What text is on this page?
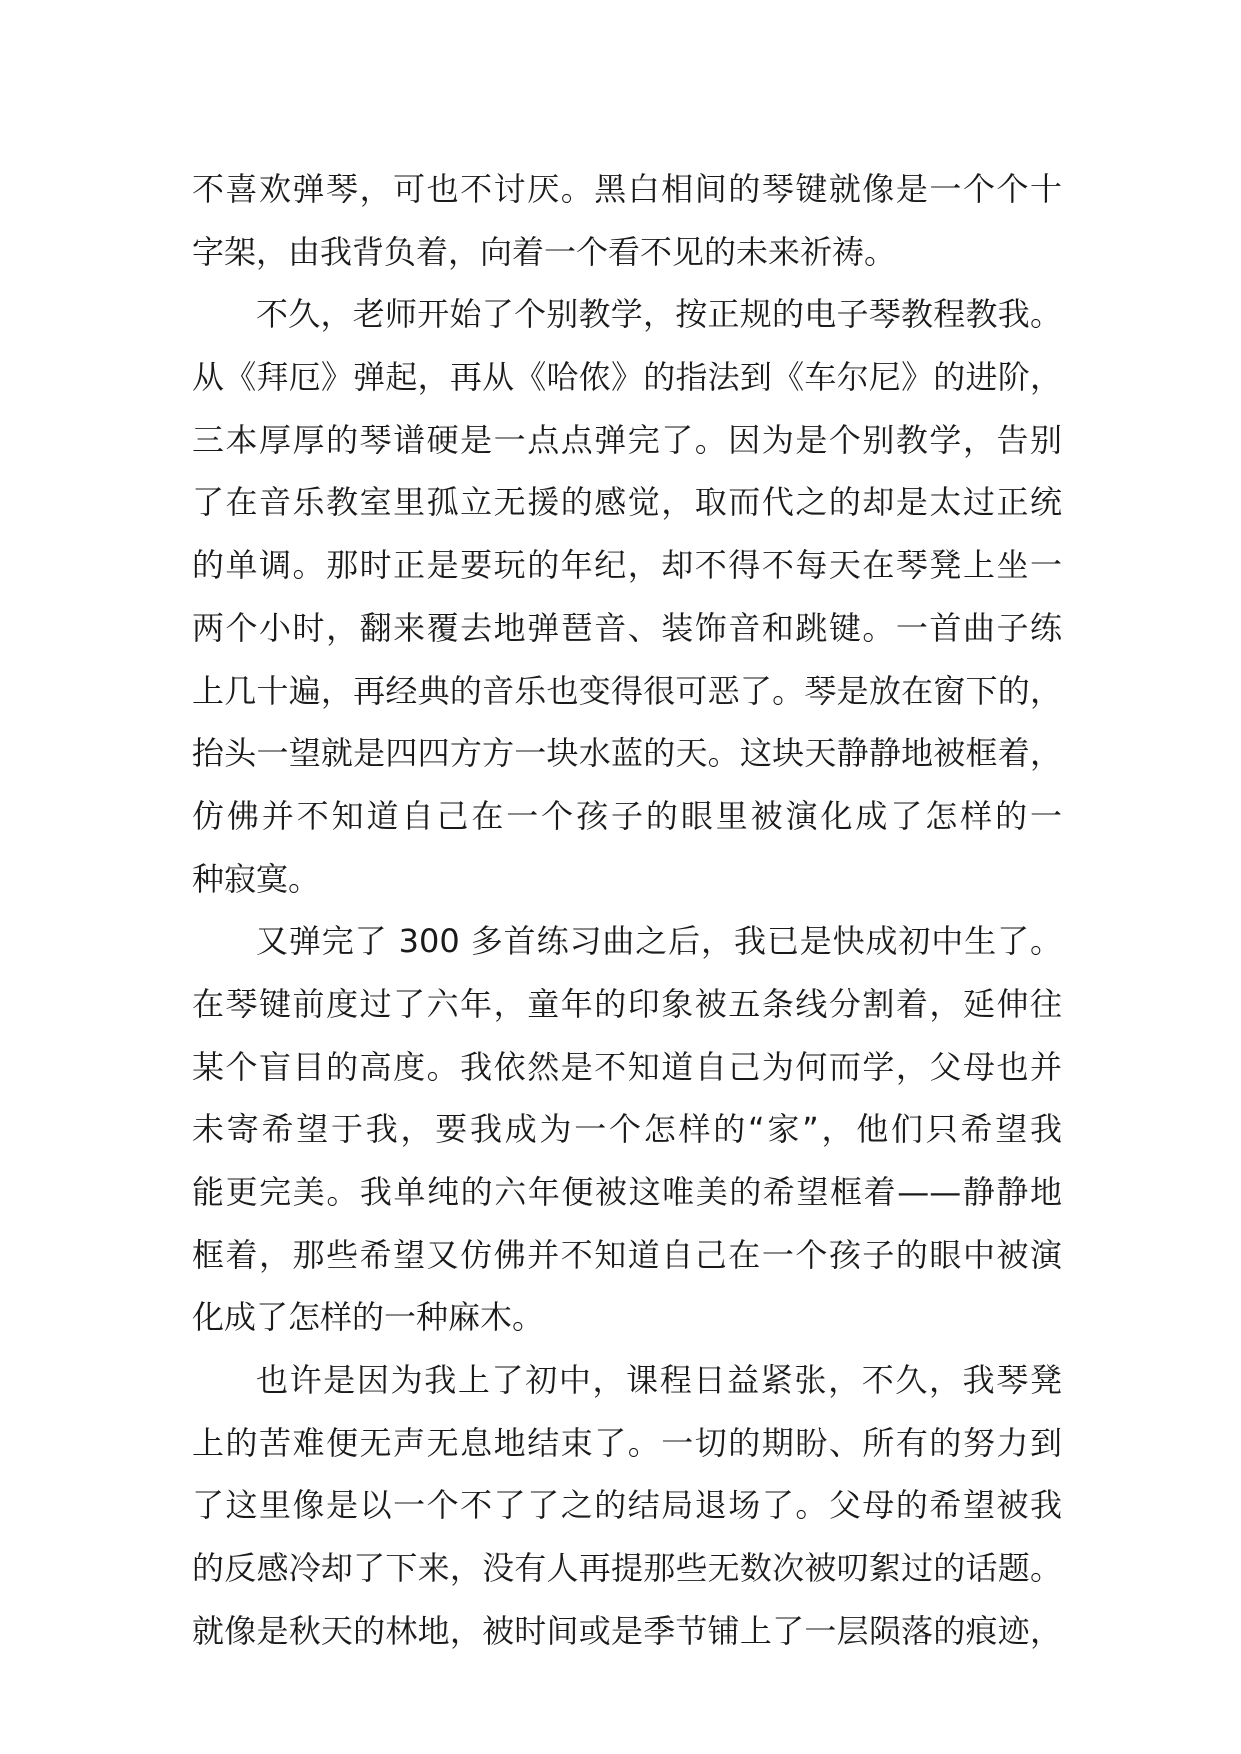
不喜欢弹琴，可也不讨厌。黑白相间的琴键就像是一个个十
字架，由我背负着，向着一个看不见的未来祈祷。
不久，老师开始了个别教学，按正规的电子琴教程教我。
从《拜厄》弹起，再从《哈侬》的指法到《车尔尼》的进阶，
三本厚厚的琴谱硬是一点点弹完了。因为是个别教学，告别
了在音乐教室里孤立无援的感觉，取而代之的却是太过正统
的单调。那时正是要玩的年纪，却不得不每天在琴凳上坐一
两个小时，翻来覆去地弹琶音、装饰音和跳键。一首曲子练
上几十遍，再经典的音乐也变得很可恶了。琴是放在窗下的，
抬头一望就是四四方方一块水蓝的天。这块天静静地被框着，
仿佛并不知道自己在一个孩子的眼里被演化成了怎样的一
种寂寞。
又弹完了 300 多首练习曲之后，我已是快成初中生了。
在琴键前度过了六年，童年的印象被五条线分割着，延伸往
某个盲目的高度。我依然是不知道自己为何而学，父母也并
未寄希望于我，要我成为一个怎样的“家”，他们只希望我
能更完美。我单纯的六年便被这唯美的希望框着——静静地
框着，那些希望又仿佛并不知道自己在一个孩子的眼中被演
化成了怎样的一种麻木。
也许是因为我上了初中，课程日益紧张，不久，我琴凳
上的苦难便无声无息地结束了。一切的期盼、所有的努力到
了这里像是以一个不了了之的结局退场了。父母的希望被我
的反感冷却了下来，没有人再提那些无数次被叨絮过的话题。
就像是秋天的林地，被时间或是季节铺上了一层陨落的痕迹，
